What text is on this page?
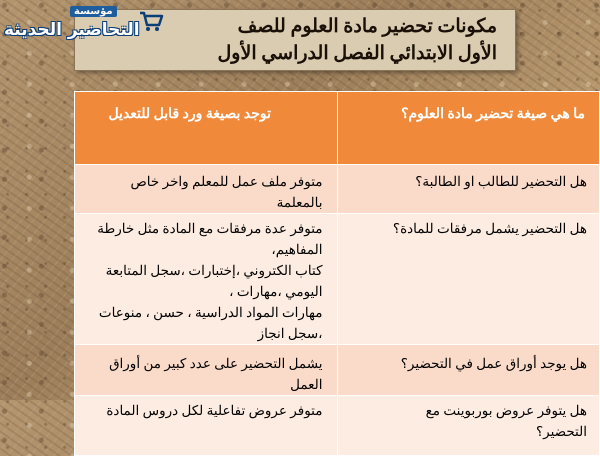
مكونات تحضير مادة العلوم للصف
الأول الابتدائي الفصل الدراسي الأول
مؤسسة
التحاضير الحديثة
ما هي صيغة تحضير مادة العلوم؟	توجد بصيغة ورد قابل للتعديل
هل التحضير للطالب او الطالبة؟	متوفر ملف عمل للمعلم واخر خاص بالمعلمة
هل التحضير يشمل مرفقات للمادة؟	متوفر عدة مرفقات مع المادة مثل خارطة المفاهيم،
كتاب الكتروني ،إختبارات ،سجل المتابعة اليومي ،مهارات ،
مهارات المواد الدراسية ، حسن ، منوعات ،سجل انجاز

هل يوجد أوراق عمل في التحضير؟	يشمل التحضير على عدد كبير من أوراق العمل

هل يتوفر عروض بوربوينت مع
التحضير؟	متوفر عروض تفاعلية لكل دروس المادة
